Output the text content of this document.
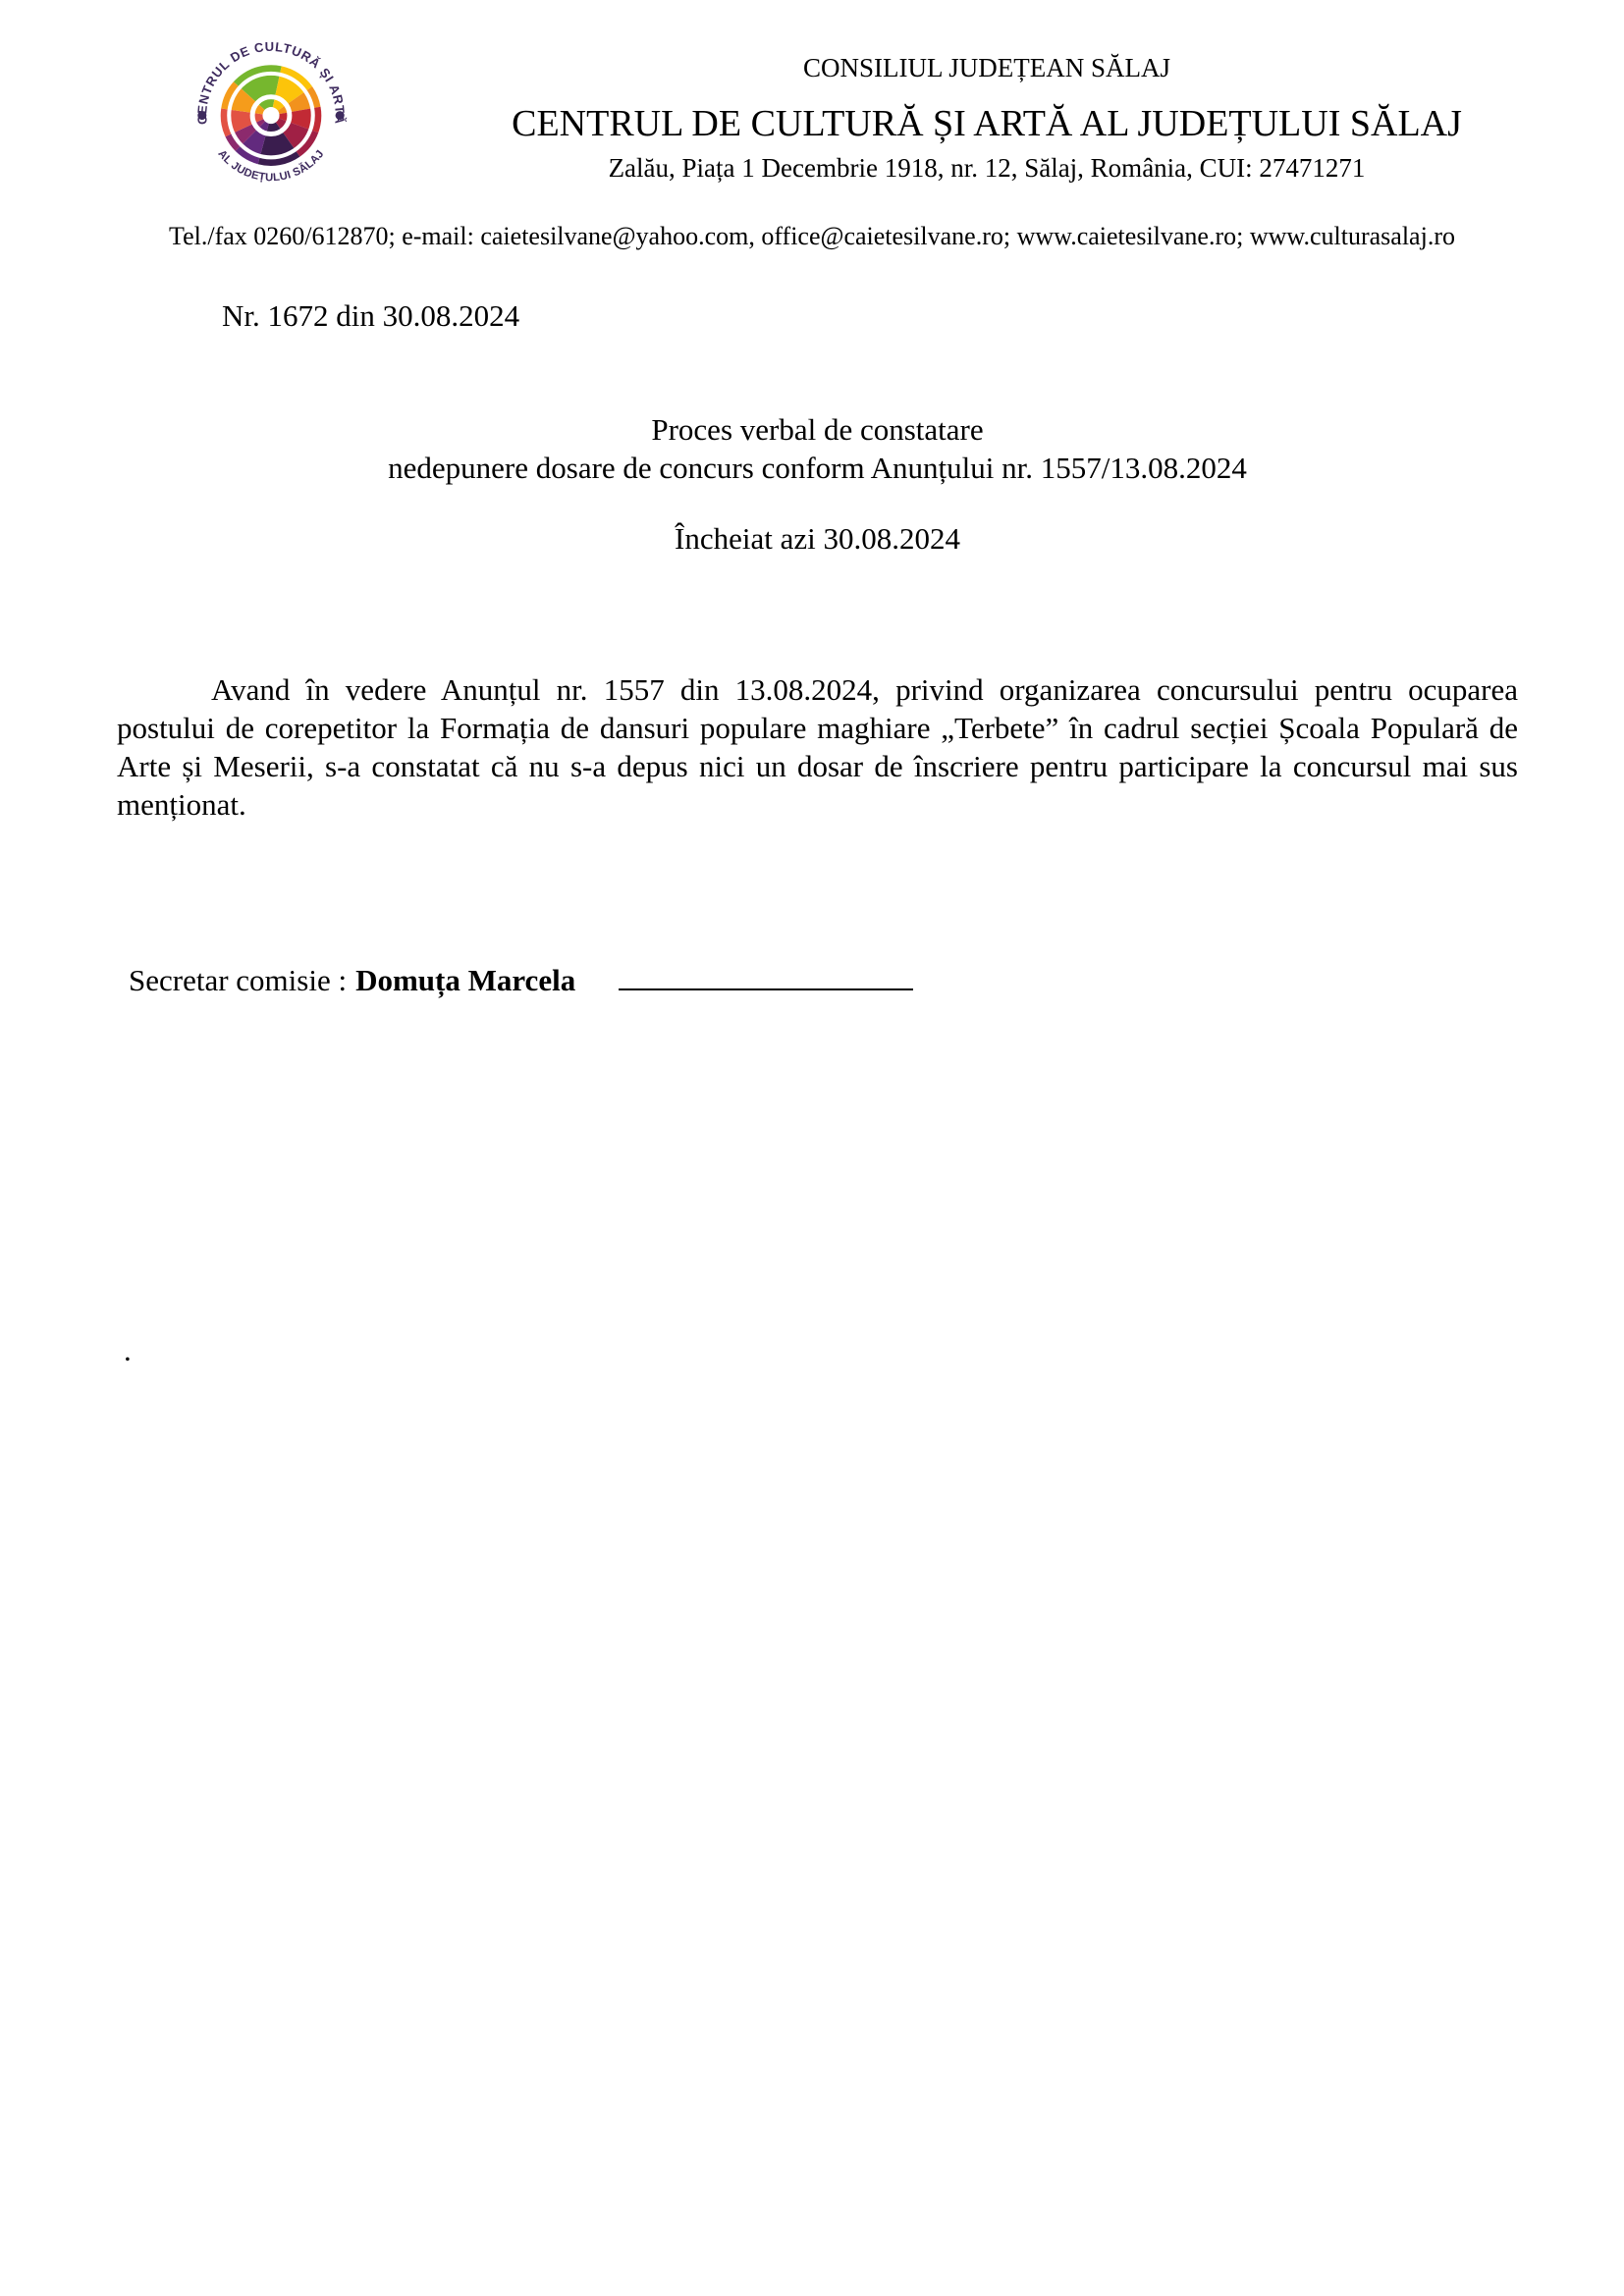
CENTRUL DE CULTURĂ ȘI ARTĂ
AL JUDEȚULUI SĂLAJ
CONSILIUL JUDEȚEAN SĂLAJ
CENTRUL DE CULTURĂ ȘI ARTĂ AL JUDEȚULUI SĂLAJ
Zalău, Piața 1 Decembrie 1918, nr. 12, Sălaj, România, CUI: 27471271
Tel./fax 0260/612870; e-mail: caietesilvane@yahoo.com, office@caietesilvane.ro; www.caietesilvane.ro; www.culturasalaj.ro
Nr. 1672 din 30.08.2024
Proces verbal de constatare
nedepunere dosare de concurs conform Anunțului nr. 1557/13.08.2024
Încheiat azi 30.08.2024
Avand în vedere Anunțul nr. 1557 din 13.08.2024, privind organizarea concursului pentru ocuparea postului de corepetitor la Formația de dansuri populare maghiare „Terbete” în cadrul secției Școala Populară de Arte și Meserii, s-a constatat că nu s-a depus nici un dosar de înscriere pentru participare la concursul mai sus menționat.
Secretar comisie : Domuța Marcela
.
